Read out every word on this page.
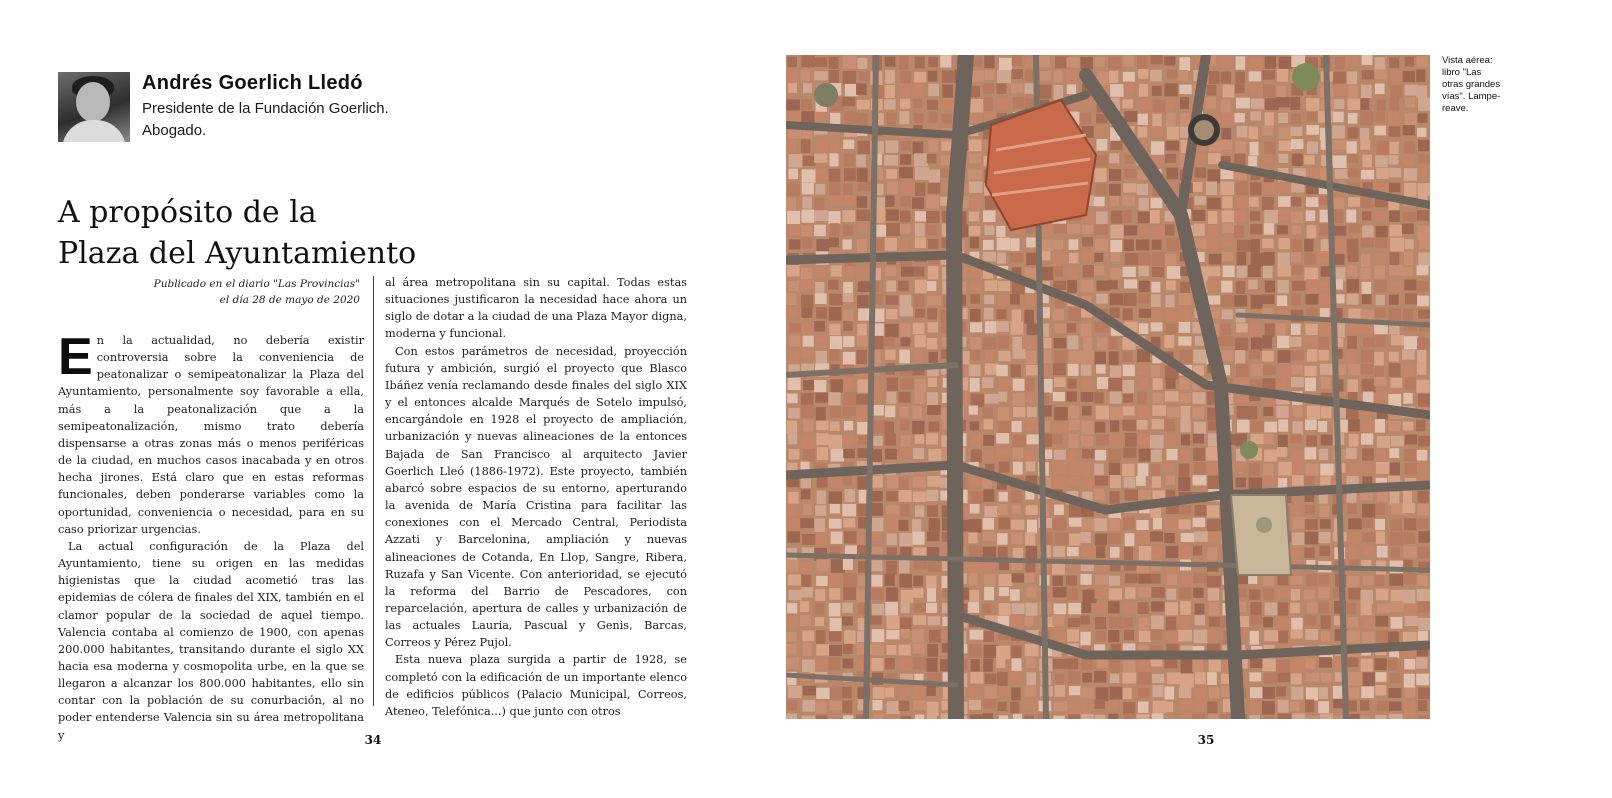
Andrés Goerlich Lledó
Presidente de la Fundación Goerlich.
Abogado.
A propósito de la
Plaza del Ayuntamiento
Publicado en el diario "Las Provincias"
el día 28 de mayo de 2020

En la actualidad, no debería existir controversia sobre la conveniencia de peatonalizar o semipeatonalizar la Plaza del Ayuntamiento, personalmente soy favorable a ella, más a la peatonalización que a la semipeatonalización, mismo trato debería dispensarse a otras zonas más o menos periféricas de la ciudad, en muchos casos inacabada y en otros hecha jirones. Está claro que en estas reformas funcionales, deben ponderarse variables como la oportunidad, conveniencia o necesidad, para en su caso priorizar urgencias.

La actual configuración de la Plaza del Ayuntamiento, tiene su origen en las medidas higienistas que la ciudad acometió tras las epidemias de cólera de finales del XIX, también en el clamor popular de la sociedad de aquel tiempo. Valencia contaba al comienzo de 1900, con apenas 200.000 habitantes, transitando durante el siglo XX hacia esa moderna y cosmopolita urbe, en la que se llegaron a alcanzar los 800.000 habitantes, ello sin contar con la población de su conurbación, al no poder entenderse Valencia sin su área metropolitana y

al área metropolitana sin su capital. Todas estas situaciones justificaron la necesidad hace ahora un siglo de dotar a la ciudad de una Plaza Mayor digna, moderna y funcional.

Con estos parámetros de necesidad, proyección futura y ambición, surgió el proyecto que Blasco Ibáñez venía reclamando desde finales del siglo XIX y el entonces alcalde Marqués de Sotelo impulsó, encargándole en 1928 el proyecto de ampliación, urbanización y nuevas alineaciones de la entonces Bajada de San Francisco al arquitecto Javier Goerlich Lleó (1886-1972). Este proyecto, también abarcó sobre espacios de su entorno, aperturando la avenida de María Cristina para facilitar las conexiones con el Mercado Central, Periodista Azzati y Barcelonina, ampliación y nuevas alineaciones de Cotanda, En Llop, Sangre, Ribera, Ruzafa y San Vicente. Con anterioridad, se ejecutó la reforma del Barrio de Pescadores, con reparcelación, apertura de calles y urbanización de las actuales Lauria, Pascual y Genis, Barcas, Correos y Pérez Pujol.

Esta nueva plaza surgida a partir de 1928, se completó con la edificación de un importante elenco de edificios públicos (Palacio Municipal, Correos, Ateneo, Telefónica...) que junto con otros

34
Vista aérea:
libro "Las
otras grandes
vías". Lampe-
reave.
35
